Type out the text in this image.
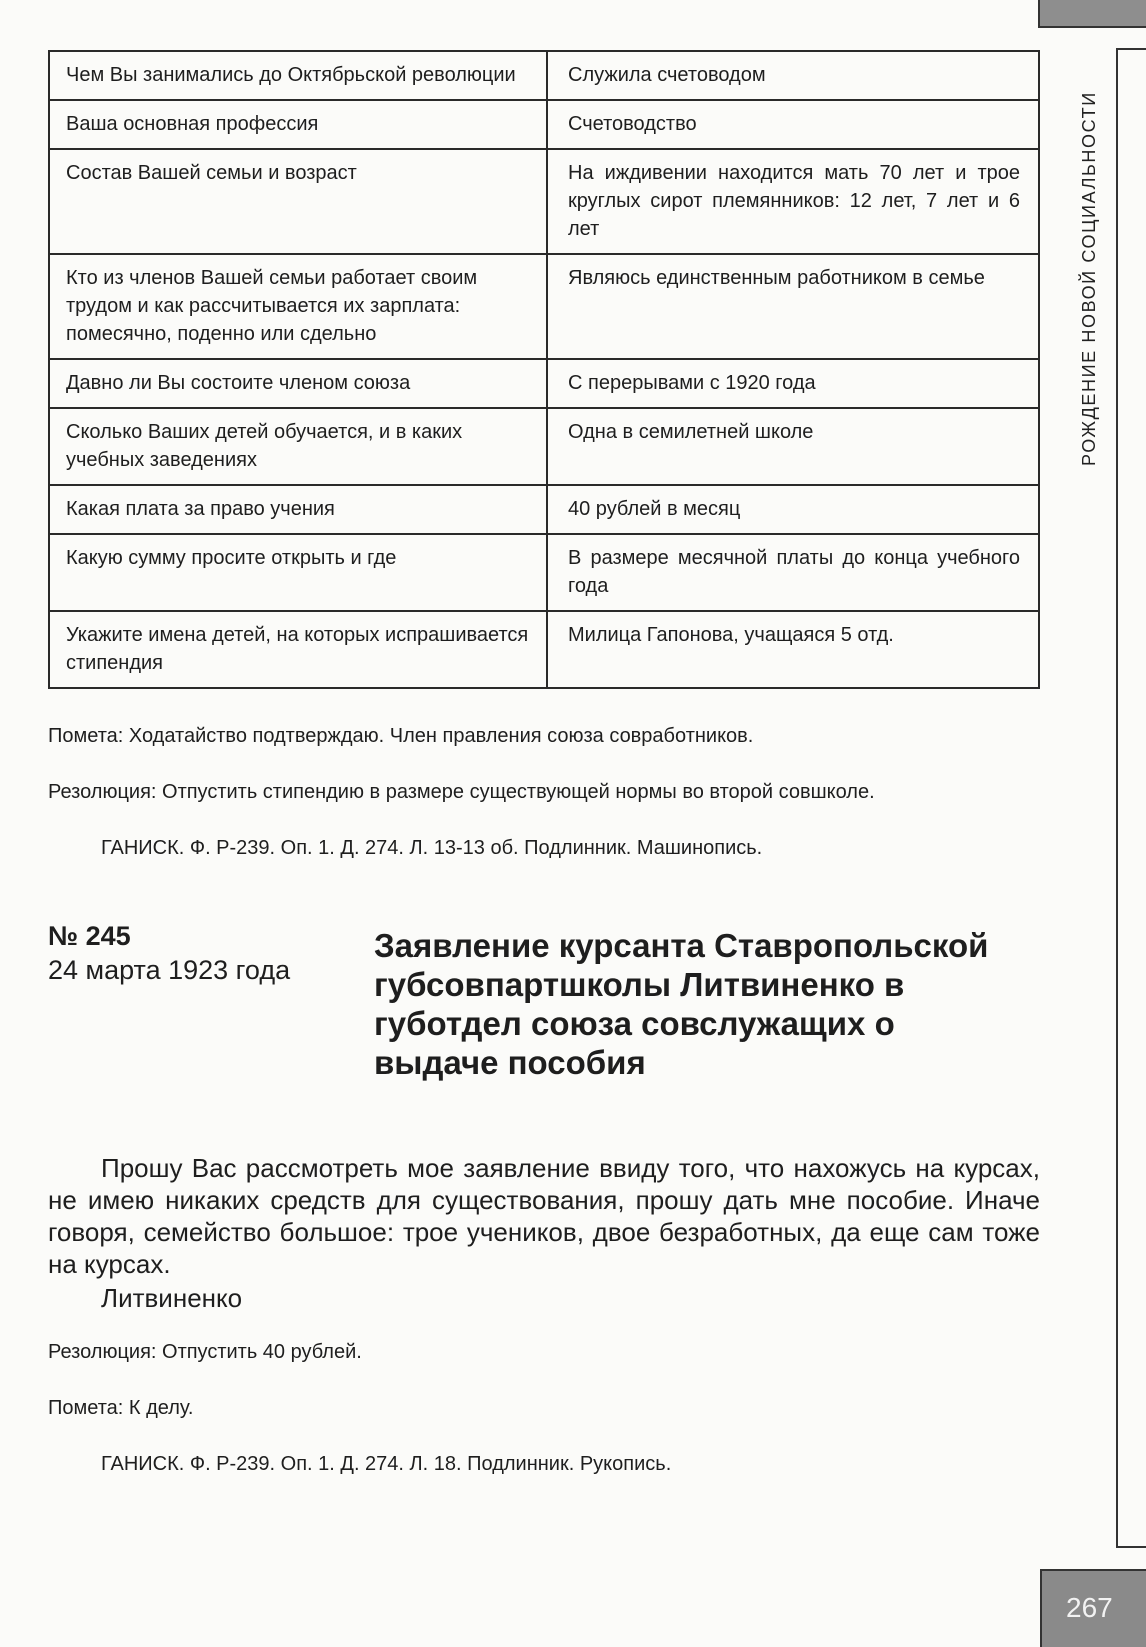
РОЖДЕНИЕ НОВОЙ СОЦИАЛЬНОСТИ
Чем Вы занимались до Октябрьской революции	Служила счетоводом
Ваша основная профессия	Счетоводство
Состав Вашей семьи и возраст	На иждивении находится мать 70 лет и трое круглых сирот племянников: 12 лет, 7 лет и 6 лет
Кто из членов Вашей семьи работает своим трудом и как рассчитывается их зарплата: помесячно, поденно или сдельно	Являюсь единственным работником в семье
Давно ли Вы состоите членом союза	С перерывами с 1920 года
Сколько Ваших детей обучается, и в каких учебных заведениях	Одна в семилетней школе
Какая плата за право учения	40 рублей в месяц
Какую сумму просите открыть и где	В размере месячной платы до конца учебного года
Укажите имена детей, на которых испрашивается стипендия	Милица Гапонова, учащаяся 5 отд.
Помета: Ходатайство подтверждаю. Член правления союза совработников.
Резолюция: Отпустить стипендию в размере существующей нормы во второй совшколе.
ГАНИСК. Ф. Р-239. Оп. 1. Д. 274. Л. 13-13 об. Подлинник. Машинопись.
№ 245
24 марта 1923 года
Заявление курсанта Ставропольской губсовпартшколы Литвиненко в губотдел союза совслужащих о выдаче пособия

Прошу Вас рассмотреть мое заявление ввиду того, что нахожусь на курсах, не имею никаких средств для существования, прошу дать мне пособие. Иначе говоря, семейство большое: трое учеников, двое безработных, да еще сам тоже на курсах.

Литвиненко
Резолюция: Отпустить 40 рублей.
Помета: К делу.
ГАНИСК. Ф. Р-239. Оп. 1. Д. 274. Л. 18. Подлинник. Рукопись.
267
